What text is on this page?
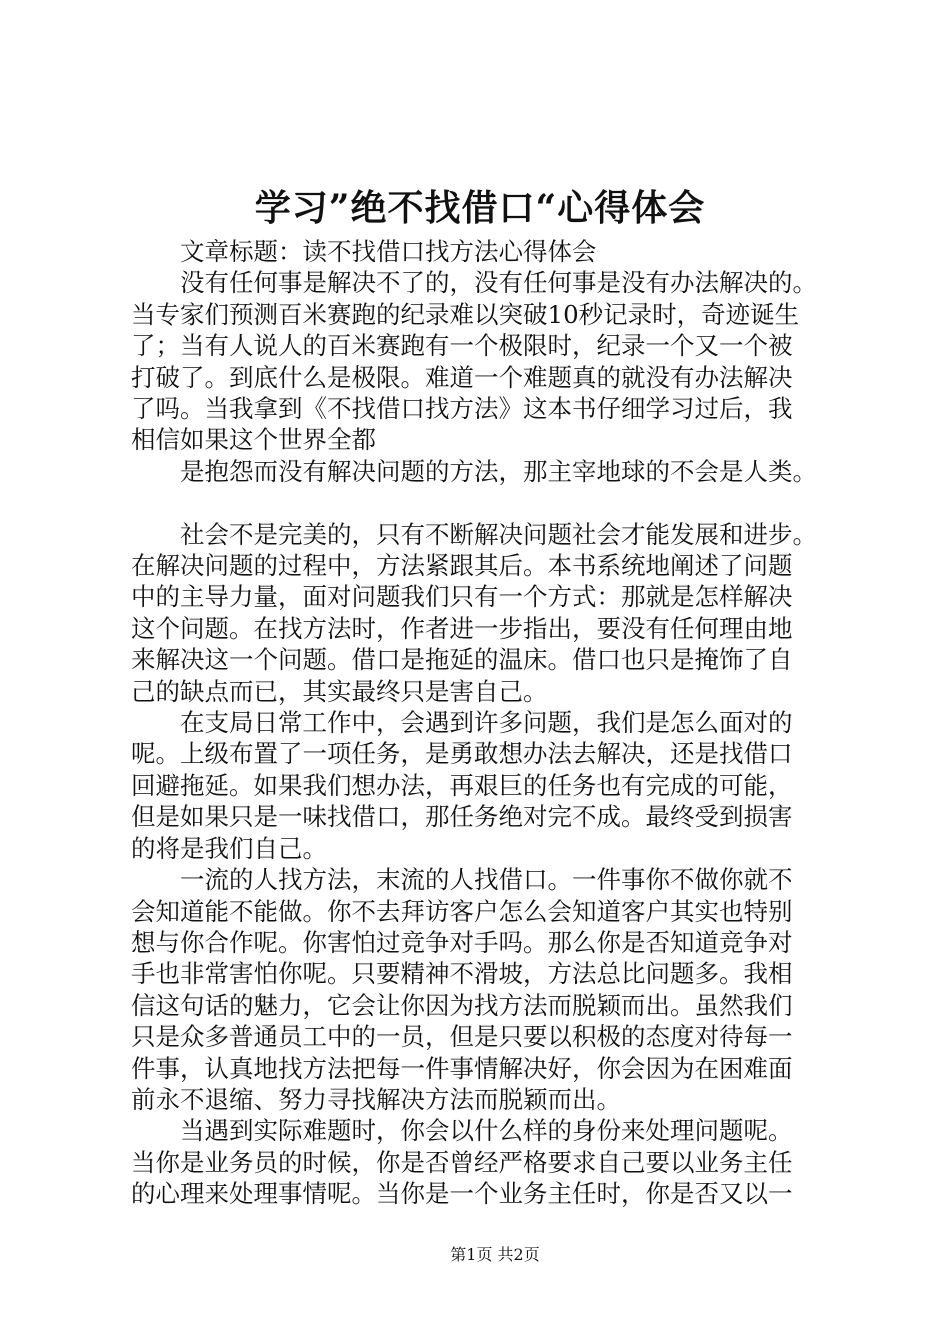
学习”绝不找借口“心得体会

文章标题：读不找借口找方法心得体会

没有任何事是解决不了的，没有任何事是没有办法解决的。
当专家们预测百米赛跑的纪录难以突破10秒记录时，奇迹诞生
了；当有人说人的百米赛跑有一个极限时，纪录一个又一个被
打破了。到底什么是极限。难道一个难题真的就没有办法解决
了吗。当我拿到《不找借口找方法》这本书仔细学习过后，我
相信如果这个世界全都

是抱怨而没有解决问题的方法，那主宰地球的不会是人类。

社会不是完美的，只有不断解决问题社会才能发展和进步。
在解决问题的过程中，方法紧跟其后。本书系统地阐述了问题
中的主导力量，面对问题我们只有一个方式：那就是怎样解决
这个问题。在找方法时，作者进一步指出，要没有任何理由地
来解决这一个问题。借口是拖延的温床。借口也只是掩饰了自
己的缺点而已，其实最终只是害自己。

在支局日常工作中，会遇到许多问题，我们是怎么面对的
呢。上级布置了一项任务，是勇敢想办法去解决，还是找借口
回避拖延。如果我们想办法，再艰巨的任务也有完成的可能，
但是如果只是一味找借口，那任务绝对完不成。最终受到损害
的将是我们自己。

一流的人找方法，末流的人找借口。一件事你不做你就不
会知道能不能做。你不去拜访客户怎么会知道客户其实也特别
想与你合作呢。你害怕过竞争对手吗。那么你是否知道竞争对
手也非常害怕你呢。只要精神不滑坡，方法总比问题多。我相
信这句话的魅力，它会让你因为找方法而脱颖而出。虽然我们
只是众多普通员工中的一员，但是只要以积极的态度对待每一
件事，认真地找方法把每一件事情解决好，你会因为在困难面
前永不退缩、努力寻找解决方法而脱颖而出。

当遇到实际难题时，你会以什么样的身份来处理问题呢。
当你是业务员的时候，你是否曾经严格要求自己要以业务主任
的心理来处理事情呢。当你是一个业务主任时，你是否又以一

第1页 共2页
